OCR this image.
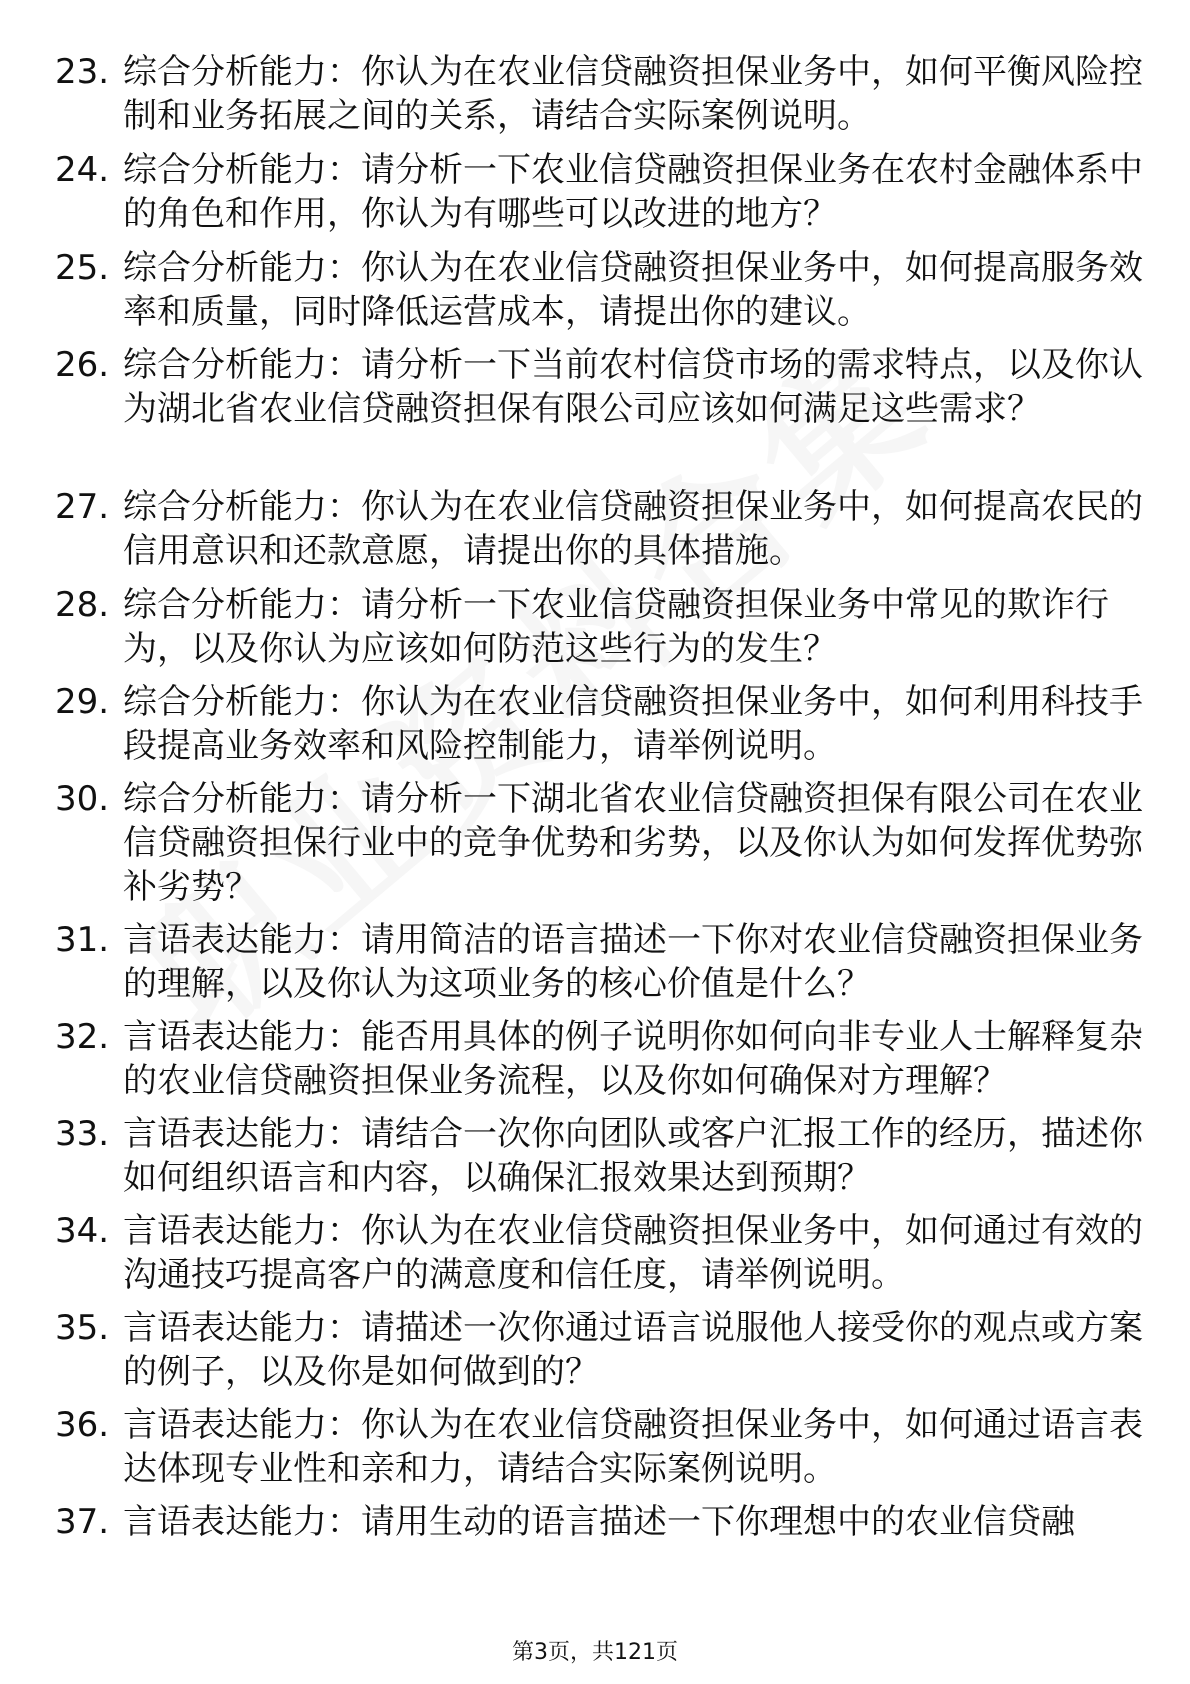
23. 综合分析能力：你认为在农业信贷融资担保业务中，如何平衡风险控制和业务拓展之间的关系，请结合实际案例说明。
24. 综合分析能力：请分析一下农业信贷融资担保业务在农村金融体系中的角色和作用，你认为有哪些可以改进的地方？
25. 综合分析能力：你认为在农业信贷融资担保业务中，如何提高服务效率和质量，同时降低运营成本，请提出你的建议。
26. 综合分析能力：请分析一下当前农村信贷市场的需求特点，以及你认为湖北省农业信贷融资担保有限公司应该如何满足这些需求？
27. 综合分析能力：你认为在农业信贷融资担保业务中，如何提高农民的信用意识和还款意愿，请提出你的具体措施。
28. 综合分析能力：请分析一下农业信贷融资担保业务中常见的欺诈行为，以及你认为应该如何防范这些行为的发生？
29. 综合分析能力：你认为在农业信贷融资担保业务中，如何利用科技手段提高业务效率和风险控制能力，请举例说明。
30. 综合分析能力：请分析一下湖北省农业信贷融资担保有限公司在农业信贷融资担保行业中的竞争优势和劣势，以及你认为如何发挥优势弥补劣势？
31. 言语表达能力：请用简洁的语言描述一下你对农业信贷融资担保业务的理解，以及你认为这项业务的核心价值是什么？
32. 言语表达能力：能否用具体的例子说明你如何向非专业人士解释复杂的农业信贷融资担保业务流程，以及你如何确保对方理解？
33. 言语表达能力：请结合一次你向团队或客户汇报工作的经历，描述你如何组织语言和内容，以确保汇报效果达到预期？
34. 言语表达能力：你认为在农业信贷融资担保业务中，如何通过有效的沟通技巧提高客户的满意度和信任度，请举例说明。
35. 言语表达能力：请描述一次你通过语言说服他人接受你的观点或方案的例子，以及你是如何做到的？
36. 言语表达能力：你认为在农业信贷融资担保业务中，如何通过语言表达体现专业性和亲和力，请结合实际案例说明。
37. 言语表达能力：请用生动的语言描述一下你理想中的农业信贷融
第3页，共121页
